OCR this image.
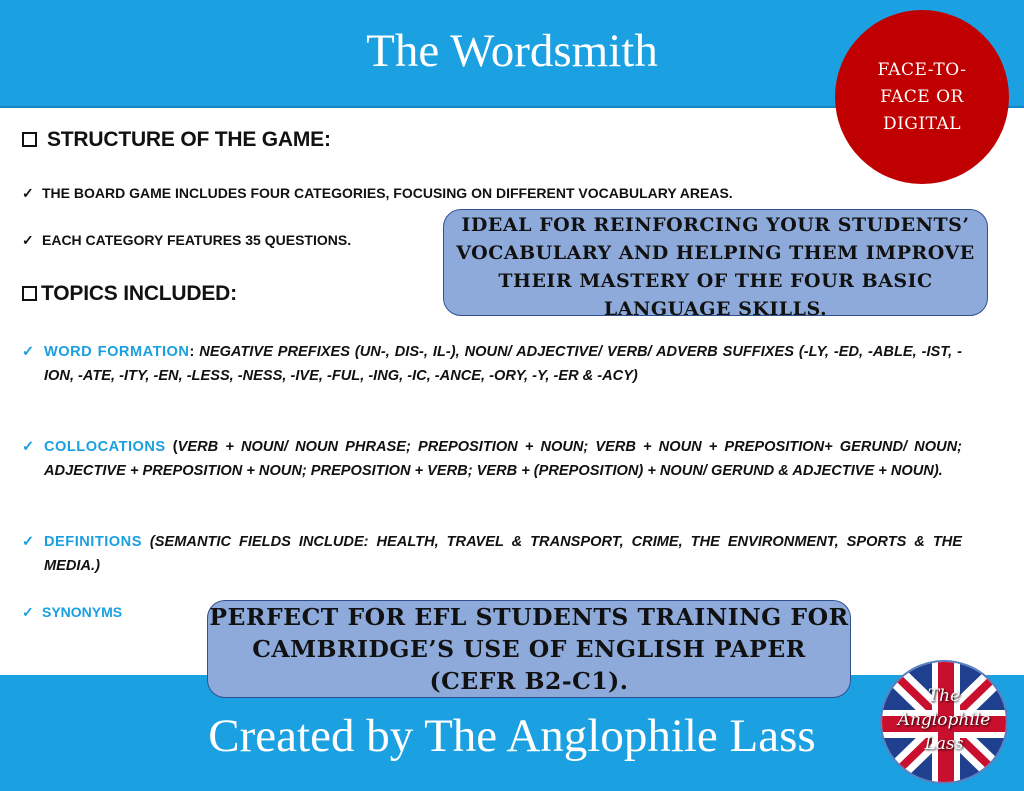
The Wordsmith	FACE-TO-FACE OR DIGITAL
STRUCTURE OF THE GAME:
✓ THE BOARD GAME INCLUDES FOUR CATEGORIES, FOCUSING ON DIFFERENT VOCABULARY AREAS.
✓ EACH CATEGORY FEATURES 35 QUESTIONS.
TOPICS INCLUDED:
✓ WORD FORMATION: NEGATIVE PREFIXES (UN-, DIS-, IL-), NOUN/ ADJECTIVE/ VERB/ ADVERB SUFFIXES (-LY, -ED, -ABLE, -IST, -ION, -ATE, -ITY, -EN, -LESS, -NESS, -IVE, -FUL, -ING, -IC, -ANCE, -ORY, -Y, -ER & -ACY)
✓ COLLOCATIONS (VERB + NOUN/ NOUN PHRASE; PREPOSITION + NOUN; VERB + NOUN + PREPOSITION+ GERUND/ NOUN; ADJECTIVE + PREPOSITION + NOUN; PREPOSITION + VERB; VERB + (PREPOSITION) + NOUN/ GERUND & ADJECTIVE + NOUN).
✓ DEFINITIONS (SEMANTIC FIELDS INCLUDE: HEALTH, TRAVEL & TRANSPORT, CRIME, THE ENVIRONMENT, SPORTS & THE MEDIA.)
✓ SYNONYMS
IDEAL FOR REINFORCING YOUR STUDENTS’ VOCABULARY AND HELPING THEM IMPROVE THEIR MASTERY OF THE FOUR BASIC LANGUAGE SKILLS.
PERFECT FOR EFL STUDENTS TRAINING FOR CAMBRIDGE’S USE OF ENGLISH PAPER (CEFR B2-C1).
Created by The Anglophile Lass
The Anglophile Lass
